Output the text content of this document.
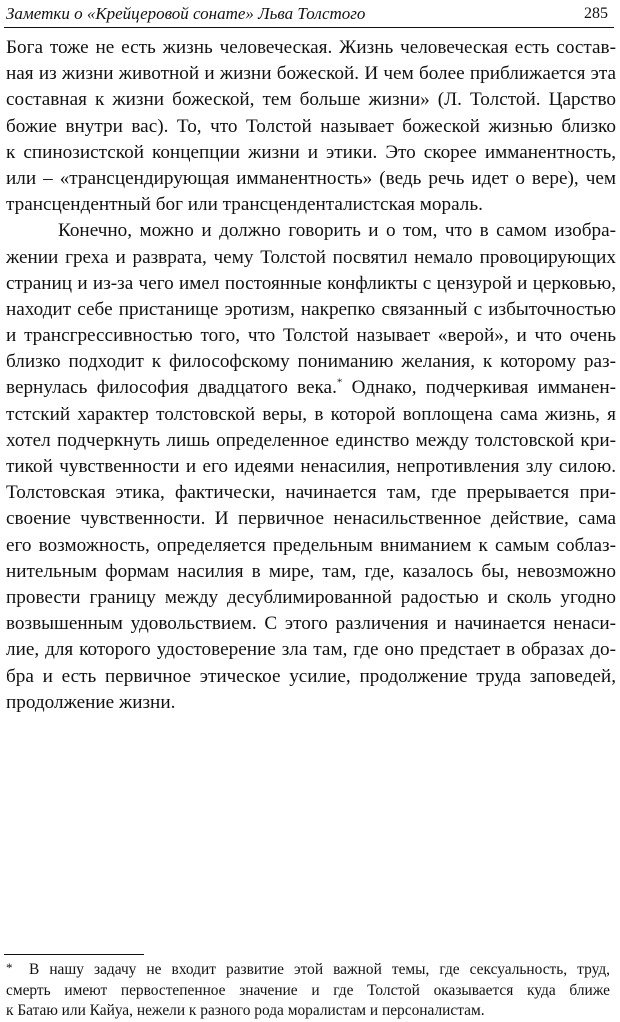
Заметки о «Крейцеровой сонате» Льва Толстого	285
Бога тоже не есть жизнь человеческая. Жизнь человеческая есть состав-
ная из жизни животной и жизни божеской. И чем более приближается эта
составная к жизни божеской, тем больше жизни» (Л. Толстой. Царство
божие внутри вас). То, что Толстой называет божеской жизнью близко
к спинозистской концепции жизни и этики. Это скорее имманентность,
или – «трансцендирующая имманентность» (ведь речь идет о вере), чем
трансцендентный бог или трансценденталистская мораль.
Конечно, можно и должно говорить и о том, что в самом изобра-
жении греха и разврата, чему Толстой посвятил немало провоцирующих
страниц и из-за чего имел постоянные конфликты с цензурой и церковью,
находит себе пристанище эротизм, накрепко связанный с избыточностью
и трансгрессивностью того, что Толстой называет «верой», и что очень
близко подходит к философскому пониманию желания, к которому раз-
вернулась философия двадцатого века.* Однако, подчеркивая имманен-
тстский характер толстовской веры, в которой воплощена сама жизнь, я
хотел подчеркнуть лишь определенное единство между толстовской кри-
тикой чувственности и его идеями ненасилия, непротивления злу силою.
Толстовская этика, фактически, начинается там, где прерывается при-
своение чувственности. И первичное ненасильственное действие, сама
его возможность, определяется предельным вниманием к самым соблаз-
нительным формам насилия в мире, там, где, казалось бы, невозможно
провести границу между десублимированной радостью и сколь угодно
возвышенным удовольствием. С этого различения и начинается ненаси-
лие, для которого удостоверение зла там, где оно предстает в образах до-
бра и есть первичное этическое усилие, продолжение труда заповедей,
продолжение жизни.
* В нашу задачу не входит развитие этой важной темы, где сексуальность, труд,
смерть имеют первостепенное значение и где Толстой оказывается куда ближе
к Батаю или Кайуа, нежели к разного рода моралистам и персоналистам.
